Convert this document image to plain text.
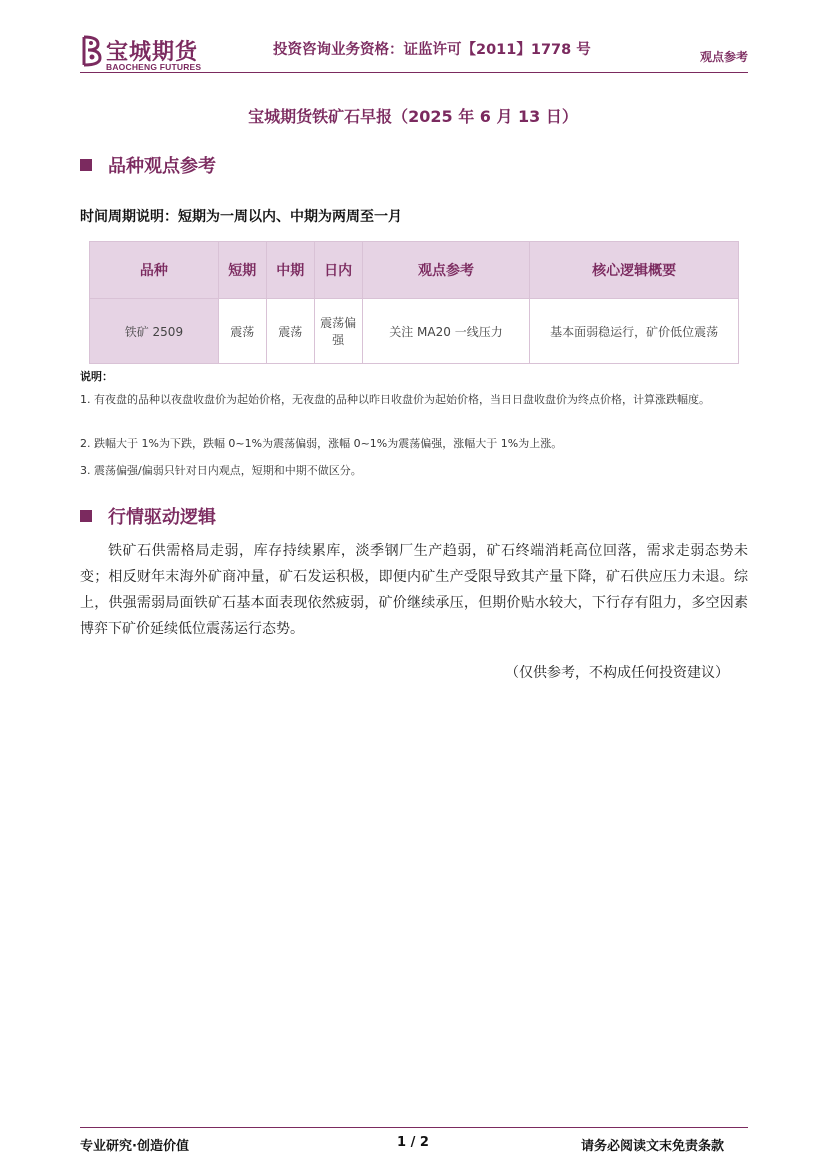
宝城期货
BAOCHENG FUTURES
投资咨询业务资格：证监许可【2011】1778 号	观点参考
宝城期货铁矿石早报（2025 年 6 月 13 日）
品种观点参考
时间周期说明：短期为一周以内、中期为两周至一月
品种	短期	中期	日内	观点参考	核心逻辑概要
铁矿 2509	震荡	震荡	震荡偏强	关注 MA20 一线压力	基本面弱稳运行，矿价低位震荡
说明：
1. 有夜盘的品种以夜盘收盘价为起始价格，无夜盘的品种以昨日收盘价为起始价格，当日日盘收盘价为终点价格，计算涨跌幅度。
2. 跌幅大于 1%为下跌，跌幅 0~1%为震荡偏弱，涨幅 0~1%为震荡偏强，涨幅大于 1%为上涨。
3. 震荡偏强/偏弱只针对日内观点，短期和中期不做区分。
行情驱动逻辑
铁矿石供需格局走弱，库存持续累库，淡季钢厂生产趋弱，矿石终端消耗高位回落，需求走弱态势未变；相反财年末海外矿商冲量，矿石发运积极，即便内矿生产受限导致其产量下降，矿石供应压力未退。综上，供强需弱局面铁矿石基本面表现依然疲弱，矿价继续承压，但期价贴水较大，下行存有阻力，多空因素博弈下矿价延续低位震荡运行态势。
（仅供参考，不构成任何投资建议）
专业研究·创造价值	1 / 2	请务必阅读文末免责条款
